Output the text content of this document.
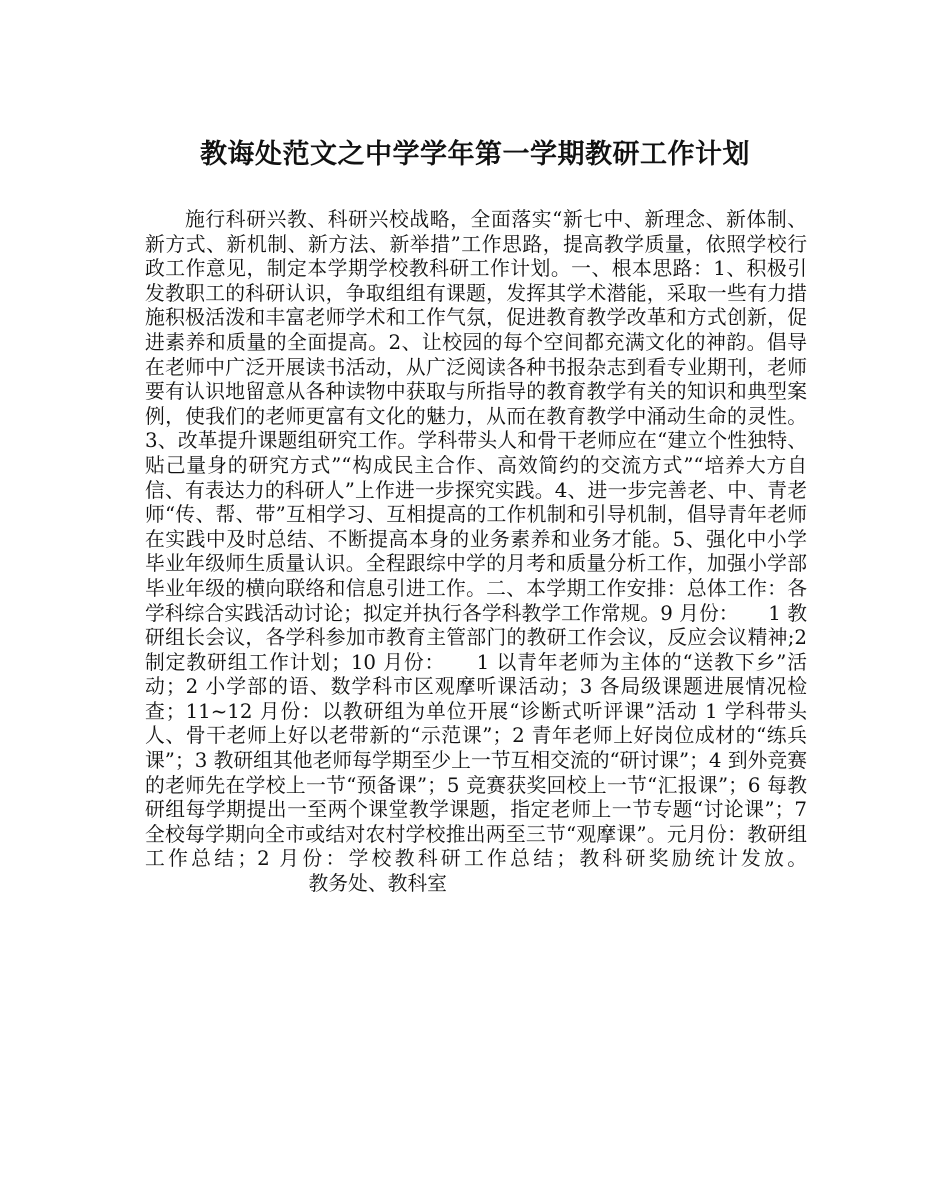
教诲处范文之中学学年第一学期教研工作计划

施行科研兴教、科研兴校战略，全面落实“新七中、新理念、新体制、新方式、新机制、新方法、新举措”工作思路，提高教学质量，依照学校行政工作意见，制定本学期学校教科研工作计划。一、根本思路：1、积极引发教职工的科研认识，争取组组有课题，发挥其学术潜能，采取一些有力措施积极活泼和丰富老师学术和工作气氛，促进教育教学改革和方式创新，促进素养和质量的全面提高。2、让校园的每个空间都充满文化的神韵。倡导在老师中广泛开展读书活动，从广泛阅读各种书报杂志到看专业期刊，老师要有认识地留意从各种读物中获取与所指导的教育教学有关的知识和典型案例，使我们的老师更富有文化的魅力，从而在教育教学中涌动生命的灵性。3、改革提升课题组研究工作。学科带头人和骨干老师应在“建立个性独特、贴己量身的研究方式”“构成民主合作、高效简约的交流方式”“培养大方自信、有表达力的科研人”上作进一步探究实践。4、进一步完善老、中、青老师“传、帮、带”互相学习、互相提高的工作机制和引导机制，倡导青年老师在实践中及时总结、不断提高本身的业务素养和业务才能。5、强化中小学毕业年级师生质量认识。全程跟综中学的月考和质量分析工作，加强小学部毕业年级的横向联络和信息引进工作。二、本学期工作安排：总体工作：各学科综合实践活动讨论；拟定并执行各学科教学工作常规。9 月份：　　1 教研组长会议，各学科参加市教育主管部门的教研工作会议，反应会议精神;2 制定教研组工作计划；10 月份：　　1 以青年老师为主体的“送教下乡”活动；2 小学部的语、数学科市区观摩听课活动；3 各局级课题进展情况检查；11~12 月份：以教研组为单位开展“诊断式听评课”活动 1 学科带头人、骨干老师上好以老带新的“示范课”；2 青年老师上好岗位成材的“练兵课”；3 教研组其他老师每学期至少上一节互相交流的“研讨课”；4 到外竞赛的老师先在学校上一节“预备课”；5 竞赛获奖回校上一节“汇报课”；6 每教研组每学期提出一至两个课堂教学课题，指定老师上一节专题“讨论课”；7 全校每学期向全市或结对农村学校推出两至三节“观摩课”。元月份：教研组工作总结；2 月份：学校教科研工作总结；教科研奖励统计发放。                          教务处、教科室
